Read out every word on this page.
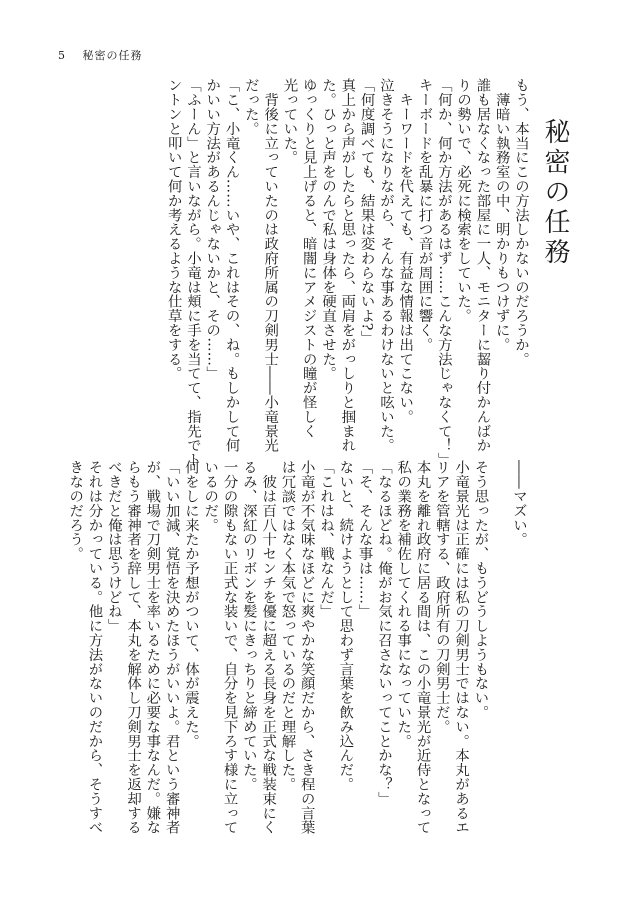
5 秘密の任務
秘密の任務
もう、本当にこの方法しかないのだろうか。
　薄暗い執務室の中、明かりもつけずに。
誰も居なくなった部屋に一人、モニターに齧り付かんばか
りの勢いで、必死に検索をしていた。
「何か、何か方法があるはず……こんな方法じゃなくて！」
キーボードを乱暴に打つ音が周囲に響く。
　キーワードを代えても、有益な情報は出てこない。
泣きそうになりながら、そんな事あるわけないと呟いた。
「何度調べても、結果は変わらないよ?」
真上から声がしたらと思ったら、両肩をがっしりと掴まれ
た。ひっと声をのんで私は身体を硬直させた。
ゆっくりと見上げると、暗闇にアメジストの瞳が怪しく
光っていた。
　背後に立っていたのは政府所属の刀剣男士――小竜景光
だった。
「こ、小竜くん……いや、これはその、ね。もしかして何
かいい方法があるんじゃないかと、その……」
「ふーん」と言いながら。小竜は頬に手を当てて、指先でト
ントンと叩いて何か考えるような仕草をする。
――マズい。

そう思ったが、もうどうしようもない。
小竜景光は正確には私の刀剣男士ではない。本丸があるエ
リアを管轄する、政府所有の刀剣男士だ。
本丸を離れ政府に居る間は、この小竜景光が近侍となって
私の業務を補佐してくれる事になっていた。
「なるほどね。俺がお気に召さないってことかな？」
「そ、そんな事は……」
ないと、続けようとして思わず言葉を飲み込んだ。
「これはね、戦なんだ」
小竜が不気味なほどに爽やかな笑顔だから、さき程の言葉
は冗談ではなく本気で怒っているのだと理解した。
　彼は百八十センチを優に超える長身を正式な戦装束にく
るみ、深紅のリボンを髪にきっちりと締めていた。
一分の隙もない正式な装いで、自分を見下ろす様に立って
いるのだ。
何をしに来たか予想がついて、体が震えた。
「いい加減、覚悟を決めたほうがいいよ。君という審神者
が、戦場で刀剣男士を率いるために必要な事なんだ。嫌な
らもう審神者を辞して、本丸を解体し刀剣男士を返却する
べきだと俺は思うけどね」
それは分かっている。他に方法がないのだから、そうすべ
きなのだろう。
